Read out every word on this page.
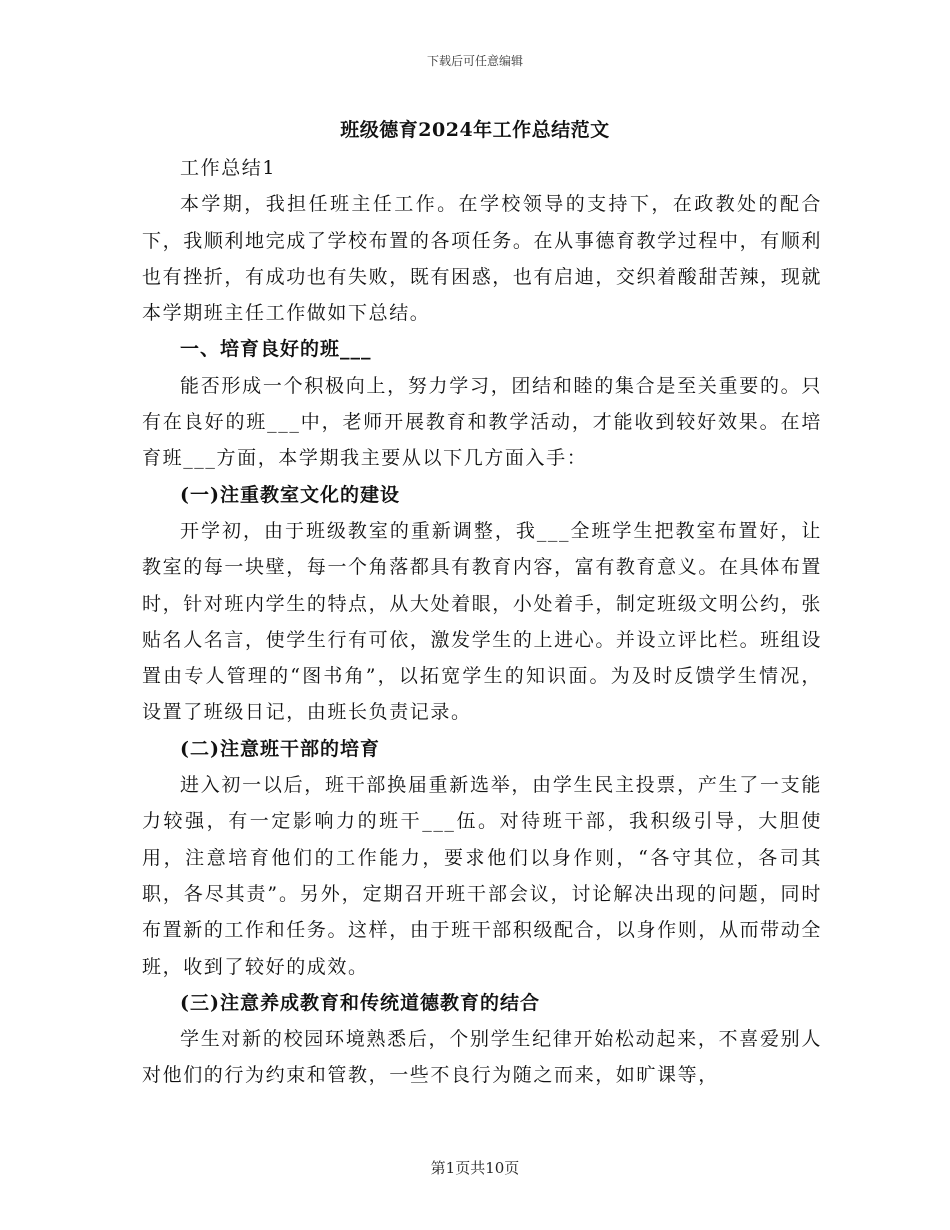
下载后可任意编辑
班级德育2024年工作总结范文

工作总结1

本学期，我担任班主任工作。在学校领导的支持下，在政教处的配合下，我顺利地完成了学校布置的各项任务。在从事德育教学过程中，有顺利也有挫折，有成功也有失败，既有困惑，也有启迪，交织着酸甜苦辣，现就本学期班主任工作做如下总结。

一、培育良好的班___

能否形成一个积极向上，努力学习，团结和睦的集合是至关重要的。只有在良好的班___中，老师开展教育和教学活动，才能收到较好效果。在培育班___方面，本学期我主要从以下几方面入手：

(一)注重教室文化的建设

开学初，由于班级教室的重新调整，我___全班学生把教室布置好，让教室的每一块壁，每一个角落都具有教育内容，富有教育意义。在具体布置时，针对班内学生的特点，从大处着眼，小处着手，制定班级文明公约，张贴名人名言，使学生行有可依，激发学生的上进心。并设立评比栏。班组设置由专人管理的“图书角”，以拓宽学生的知识面。为及时反馈学生情况，设置了班级日记，由班长负责记录。

(二)注意班干部的培育

进入初一以后，班干部换届重新选举，由学生民主投票，产生了一支能力较强，有一定影响力的班干___伍。对待班干部，我积级引导，大胆使用，注意培育他们的工作能力，要求他们以身作则，“各守其位，各司其职，各尽其责”。另外，定期召开班干部会议，讨论解决出现的问题，同时布置新的工作和任务。这样，由于班干部积级配合，以身作则，从而带动全班，收到了较好的成效。

(三)注意养成教育和传统道德教育的结合

学生对新的校园环境熟悉后，个别学生纪律开始松动起来，不喜爱别人对他们的行为约束和管教，一些不良行为随之而来，如旷课等，

第1页共10页
